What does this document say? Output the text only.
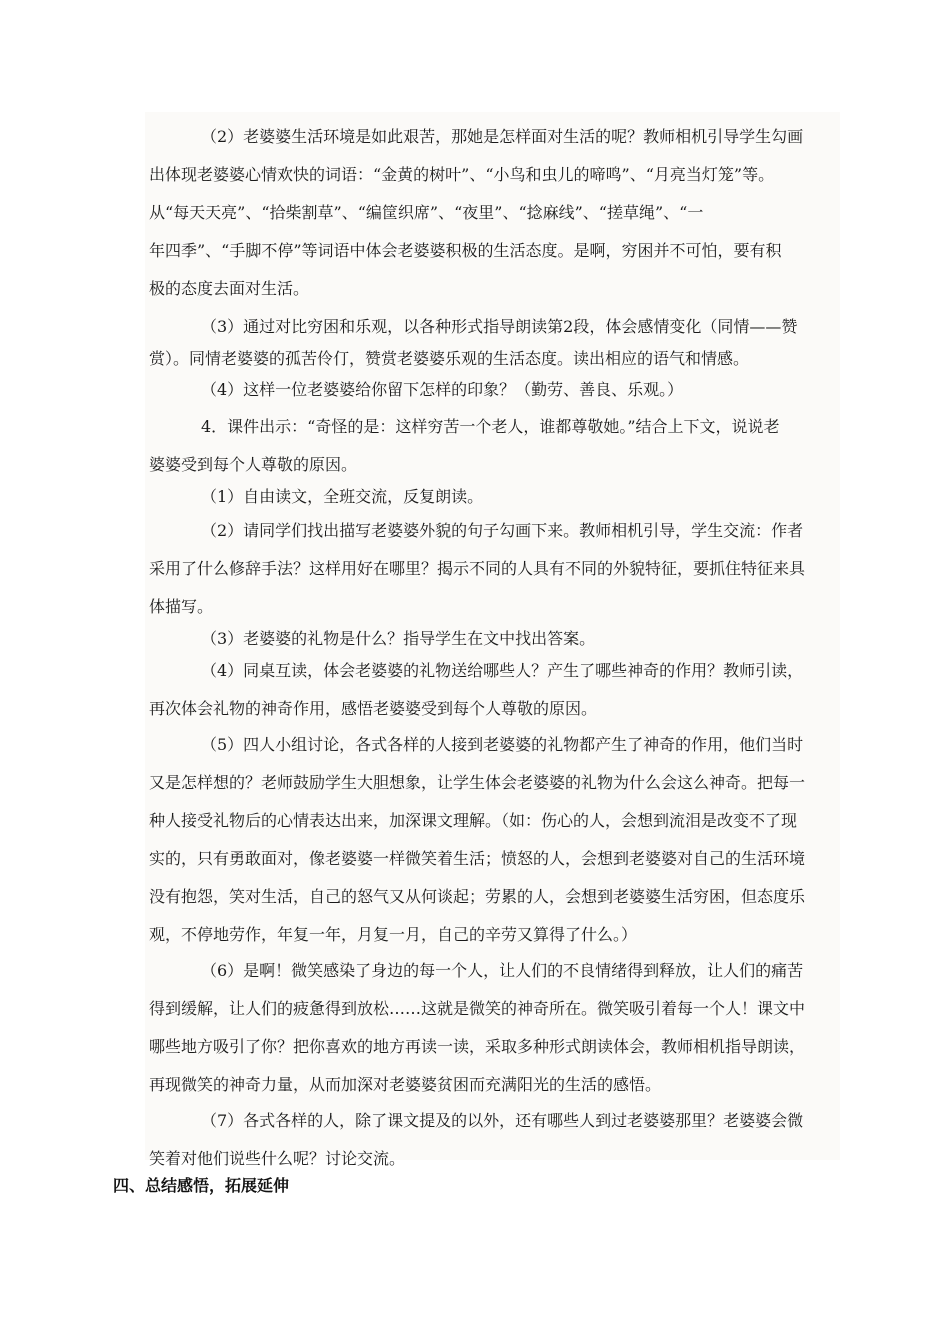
（2）老婆婆生活环境是如此艰苦，那她是怎样面对生活的呢？教师相机引导学生勾画
出体现老婆婆心情欢快的词语：“金黄的树叶”、“小鸟和虫儿的啼鸣”、“月亮当灯笼”等。
从“每天天亮”、“拾柴割草”、“编筐织席”、“夜里”、“捻麻线”、“搓草绳”、“一
年四季”、“手脚不停”等词语中体会老婆婆积极的生活态度。是啊，穷困并不可怕，要有积
极的态度去面对生活。
（3）通过对比穷困和乐观，以各种形式指导朗读第2段，体会感情变化（同情——赞
赏）。同情老婆婆的孤苦伶仃，赞赏老婆婆乐观的生活态度。读出相应的语气和情感。
（4）这样一位老婆婆给你留下怎样的印象？（勤劳、善良、乐观。）
4．课件出示：“奇怪的是：这样穷苦一个老人，谁都尊敬她。”结合上下文，说说老
婆婆受到每个人尊敬的原因。
（1）自由读文，全班交流，反复朗读。
（2）请同学们找出描写老婆婆外貌的句子勾画下来。教师相机引导，学生交流：作者
采用了什么修辞手法？这样用好在哪里？揭示不同的人具有不同的外貌特征，要抓住特征来具
体描写。
（3）老婆婆的礼物是什么？指导学生在文中找出答案。
（4）同桌互读，体会老婆婆的礼物送给哪些人？产生了哪些神奇的作用？教师引读，
再次体会礼物的神奇作用，感悟老婆婆受到每个人尊敬的原因。
（5）四人小组讨论，各式各样的人接到老婆婆的礼物都产生了神奇的作用，他们当时
又是怎样想的？老师鼓励学生大胆想象，让学生体会老婆婆的礼物为什么会这么神奇。把每一
种人接受礼物后的心情表达出来，加深课文理解。（如：伤心的人，会想到流泪是改变不了现
实的，只有勇敢面对，像老婆婆一样微笑着生活；愤怒的人，会想到老婆婆对自己的生活环境
没有抱怨，笑对生活，自己的怒气又从何谈起；劳累的人，会想到老婆婆生活穷困，但态度乐
观，不停地劳作，年复一年，月复一月，自己的辛劳又算得了什么。）
（6）是啊！微笑感染了身边的每一个人，让人们的不良情绪得到释放，让人们的痛苦
得到缓解，让人们的疲惫得到放松……这就是微笑的神奇所在。微笑吸引着每一个人！课文中
哪些地方吸引了你？把你喜欢的地方再读一读，采取多种形式朗读体会，教师相机指导朗读，
再现微笑的神奇力量，从而加深对老婆婆贫困而充满阳光的生活的感悟。
（7）各式各样的人，除了课文提及的以外，还有哪些人到过老婆婆那里？老婆婆会微
笑着对他们说些什么呢？讨论交流。
四、总结感悟，拓展延伸
